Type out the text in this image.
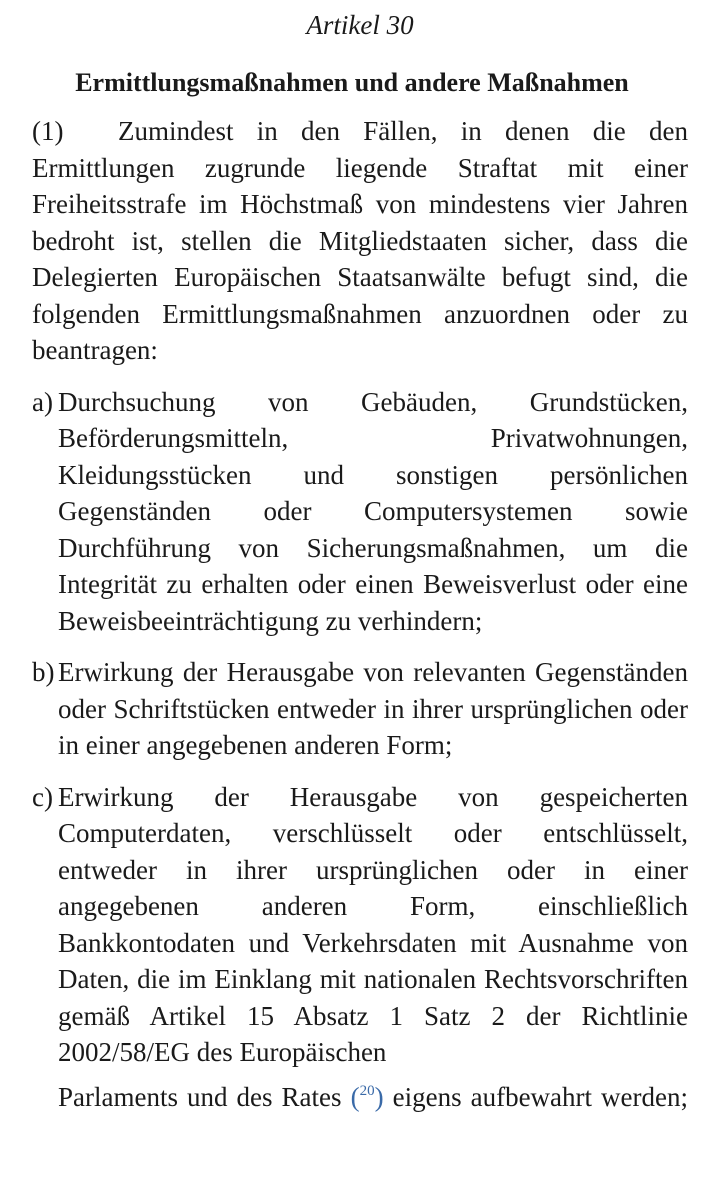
Artikel 30
Ermittlungsmaßnahmen und andere Maßnahmen
(1) Zumindest in den Fällen, in denen die den Ermittlungen zugrunde liegende Straftat mit einer Freiheitsstrafe im Höchstmaß von mindestens vier Jahren bedroht ist, stellen die Mitgliedstaaten sicher, dass die Delegierten Europäischen Staatsanwälte befugt sind, die folgenden Ermittlungsmaßnahmen anzuordnen oder zu beantragen:
a) Durchsuchung von Gebäuden, Grundstücken, Beförderungsmitteln, Privatwohnungen, Kleidungsstücken und sonstigen persönlichen Gegenständen oder Computersystemen sowie Durchführung von Sicherungsmaßnahmen, um die Integrität zu erhalten oder einen Beweisverlust oder eine Beweisbeeinträchtigung zu verhindern;
b) Erwirkung der Herausgabe von relevanten Gegenständen oder Schriftstücken entweder in ihrer ursprünglichen oder in einer angegebenen anderen Form;
c) Erwirkung der Herausgabe von gespeicherten Computerdaten, verschlüsselt oder entschlüsselt, entweder in ihrer ursprünglichen oder in einer angegebenen anderen Form, einschließlich Bankkontodaten und Verkehrsdaten mit Ausnahme von Daten, die im Einklang mit nationalen Rechtsvorschriften gemäß Artikel 15 Absatz 1 Satz 2 der Richtlinie 2002/58/EG des Europäischen
Parlaments und des Rates ($^{20}$) eigens aufbewahrt werden;
